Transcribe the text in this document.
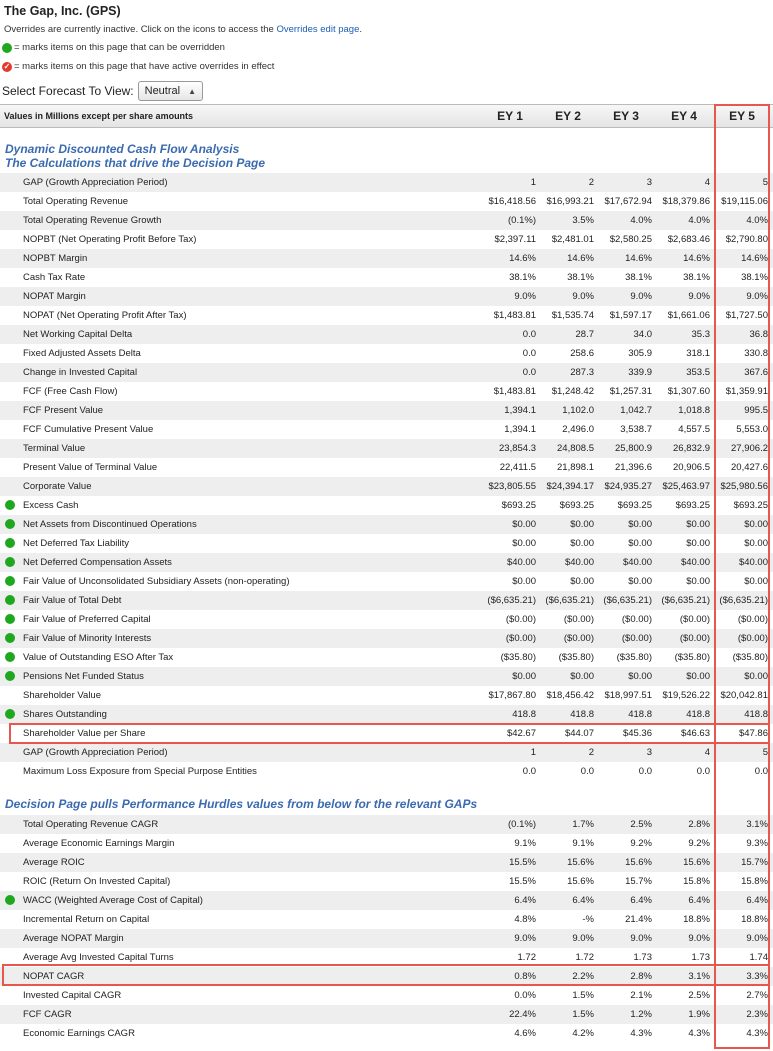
The Gap, Inc. (GPS)
Overrides are currently inactive. Click on the icons to access the Overrides edit page.
= marks items on this page that can be overridden
✓ = marks items on this page that have active overrides in effect
Select Forecast To View: Neutral ▲

Values in Millions except per share amounts	EY 1	EY 2	EY 3	EY 4	EY 5
Dynamic Discounted Cash Flow Analysis
The Calculations that drive the Decision Page
GAP (Growth Appreciation Period)	1	2	3	4	5
Total Operating Revenue	$16,418.56 $16,993.21 $17,672.94 $18,379.86 $19,115.06
Total Operating Revenue Growth	(0.1%)	3.5%	4.0%	4.0%	4.0%
NOPBT (Net Operating Profit Before Tax)	$2,397.11 $2,481.01 $2,580.25 $2,683.46 $2,790.80
NOPBT Margin	14.6%	14.6%	14.6%	14.6%	14.6%
Cash Tax Rate	38.1%	38.1%	38.1%	38.1%	38.1%
NOPAT Margin	9.0%	9.0%	9.0%	9.0%	9.0%
NOPAT (Net Operating Profit After Tax)	$1,483.81 $1,535.74 $1,597.17 $1,661.06 $1,727.50
Net Working Capital Delta	0.0	28.7	34.0	35.3	36.8
Fixed Adjusted Assets Delta	0.0	258.6	305.9	318.1	330.8
Change in Invested Capital	0.0	287.3	339.9	353.5	367.6
FCF (Free Cash Flow)	$1,483.81 $1,248.42 $1,257.31 $1,307.60 $1,359.91
FCF Present Value	1,394.1	1,102.0	1,042.7	1,018.8	995.5
FCF Cumulative Present Value	1,394.1	2,496.0	3,538.7	4,557.5	5,553.0
Terminal Value	23,854.3 24,808.5 25,800.9 26,832.9 27,906.2
Present Value of Terminal Value	22,411.5 21,898.1 21,396.6 20,906.5 20,427.6
Corporate Value	$23,805.55 $24,394.17 $24,935.27 $25,463.97 $25,980.56
Excess Cash	$693.25 $693.25 $693.25 $693.25 $693.25
Net Assets from Discontinued Operations	$0.00	$0.00	$0.00	$0.00	$0.00
Net Deferred Tax Liability	$0.00	$0.00	$0.00	$0.00	$0.00
Net Deferred Compensation Assets	$40.00	$40.00	$40.00	$40.00	$40.00
Fair Value of Unconsolidated Subsidiary Assets (non-operating)	$0.00	$0.00	$0.00	$0.00	$0.00
Fair Value of Total Debt	($6,635.21) ($6,635.21) ($6,635.21) ($6,635.21) ($6,635.21)
Fair Value of Preferred Capital	($0.00)	($0.00)	($0.00)	($0.00)	($0.00)
Fair Value of Minority Interests	($0.00)	($0.00)	($0.00)	($0.00)	($0.00)
Value of Outstanding ESO After Tax	($35.80) ($35.80) ($35.80) ($35.80) ($35.80)
Pensions Net Funded Status	$0.00	$0.00	$0.00	$0.00	$0.00
Shareholder Value	$17,867.80 $18,456.42 $18,997.51 $19,526.22 $20,042.81
Shares Outstanding	418.8	418.8	418.8	418.8	418.8
Shareholder Value per Share	$42.67	$44.07	$45.36	$46.63	$47.86
GAP (Growth Appreciation Period)	1	2	3	4	5
Maximum Loss Exposure from Special Purpose Entities	0.0	0.0	0.0	0.0	0.0
Decision Page pulls Performance Hurdles values from below for the relevant GAPs
Total Operating Revenue CAGR	(0.1%)	1.7%	2.5%	2.8%	3.1%
Average Economic Earnings Margin	9.1%	9.1%	9.2%	9.2%	9.3%
Average ROIC	15.5%	15.6%	15.6%	15.6%	15.7%
ROIC (Return On Invested Capital)	15.5%	15.6%	15.7%	15.8%	15.8%
WACC (Weighted Average Cost of Capital)	6.4%	6.4%	6.4%	6.4%	6.4%
Incremental Return on Capital	4.8%	-%	21.4%	18.8%	18.8%
Average NOPAT Margin	9.0%	9.0%	9.0%	9.0%	9.0%
Average Avg Invested Capital Turns	1.72	1.72	1.73	1.73	1.74
NOPAT CAGR	0.8%	2.2%	2.8%	3.1%	3.3%
Invested Capital CAGR	0.0%	1.5%	2.1%	2.5%	2.7%
FCF CAGR	22.4%	1.5%	1.2%	1.9%	2.3%
Economic Earnings CAGR	4.6%	4.2%	4.3%	4.3%	4.3%
